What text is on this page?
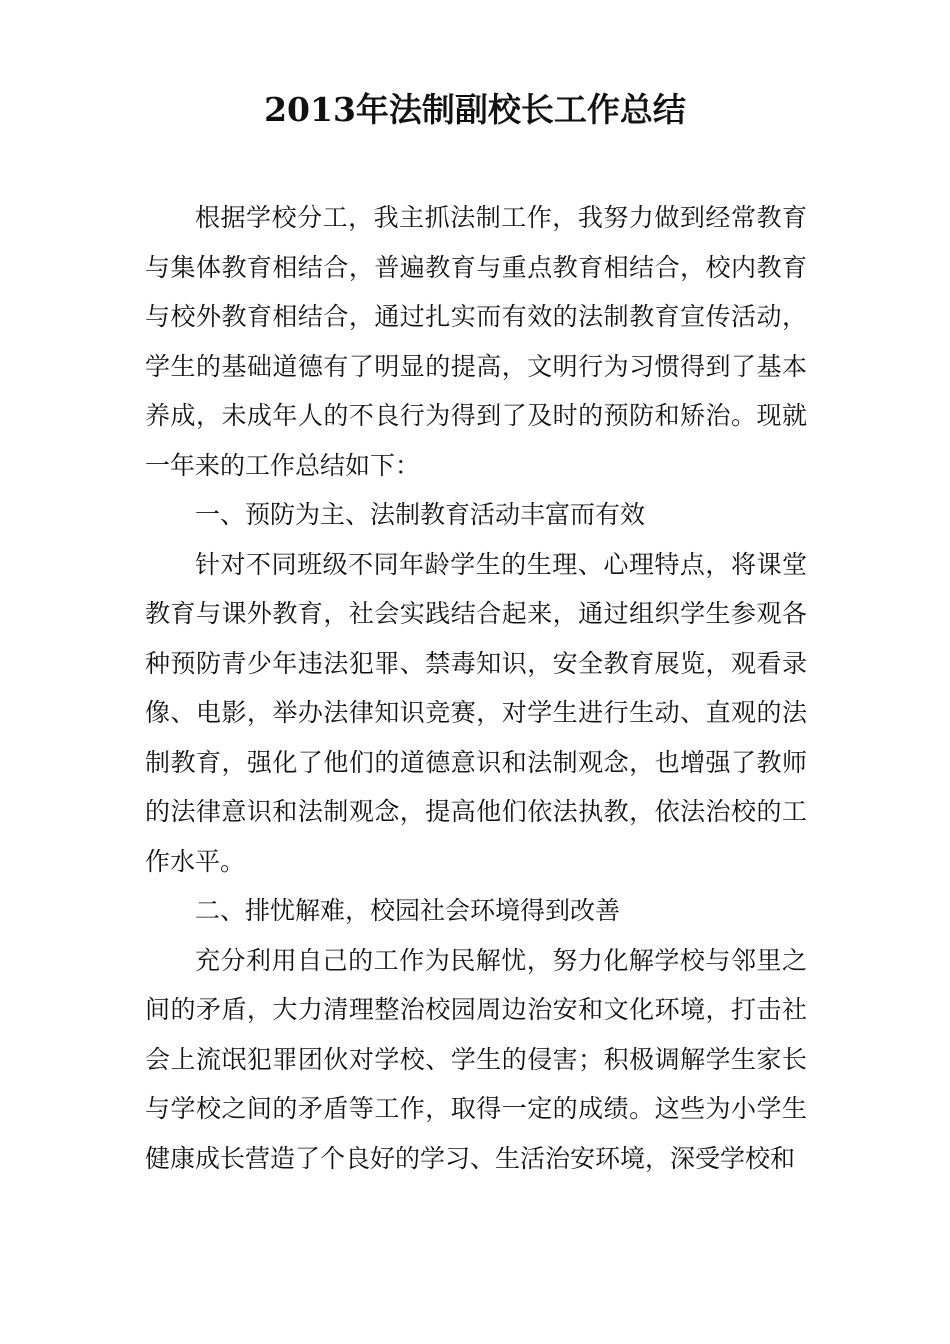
2013年法制副校长工作总结

根据学校分工，我主抓法制工作，我努力做到经常教育与集体教育相结合，普遍教育与重点教育相结合，校内教育与校外教育相结合，通过扎实而有效的法制教育宣传活动，学生的基础道德有了明显的提高，文明行为习惯得到了基本养成，未成年人的不良行为得到了及时的预防和矫治。现就一年来的工作总结如下：

一、预防为主、法制教育活动丰富而有效

针对不同班级不同年龄学生的生理、心理特点，将课堂教育与课外教育，社会实践结合起来，通过组织学生参观各种预防青少年违法犯罪、禁毒知识，安全教育展览，观看录像、电影，举办法律知识竞赛，对学生进行生动、直观的法制教育，强化了他们的道德意识和法制观念，也增强了教师的法律意识和法制观念，提高他们依法执教，依法治校的工作水平。

二、排忧解难，校园社会环境得到改善

充分利用自己的工作为民解忧，努力化解学校与邻里之间的矛盾，大力清理整治校园周边治安和文化环境，打击社会上流氓犯罪团伙对学校、学生的侵害；积极调解学生家长与学校之间的矛盾等工作，取得一定的成绩。这些为小学生健康成长营造了个良好的学习、生活治安环境，深受学校和
